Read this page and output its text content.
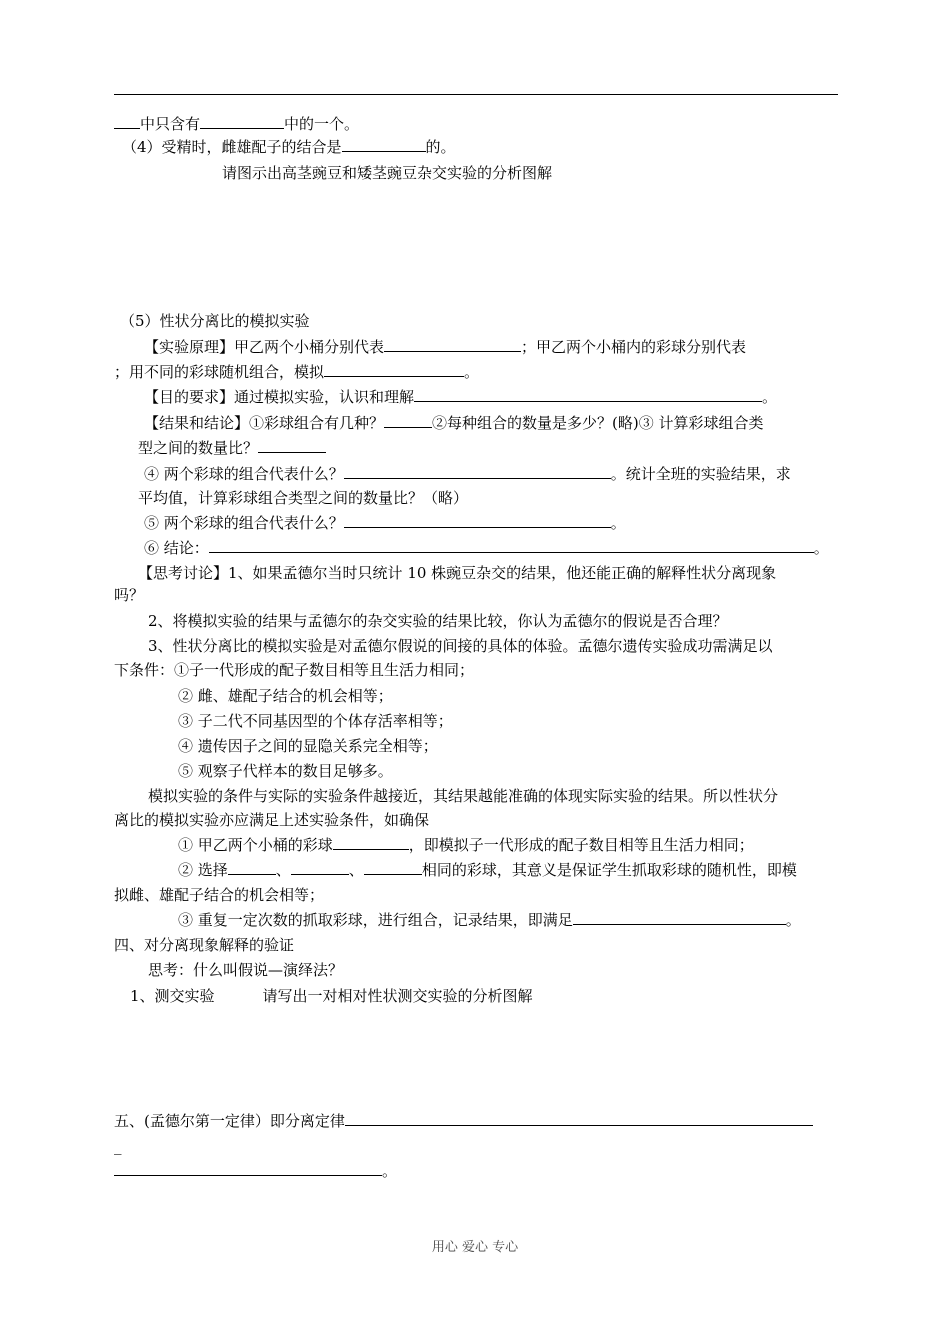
中只含有	中的一个。
（4）受精时，雌雄配子的结合是	的。
请图示出高茎豌豆和矮茎豌豆杂交实验的分析图解
（5）性状分离比的模拟实验
【实验原理】甲乙两个小桶分别代表	；甲乙两个小桶内的彩球分别代表
；用不同的彩球随机组合，模拟	。
【目的要求】通过模拟实验，认识和理解	。
【结果和结论】①彩球组合有几种？	②每种组合的数量是多少？(略)③ 计算彩球组合类
型之间的数量比？
④ 两个彩球的组合代表什么？	。统计全班的实验结果，求
平均值，计算彩球组合类型之间的数量比？（略）
⑤ 两个彩球的组合代表什么？	。
⑥ 结论：	。
【思考讨论】1、如果孟德尔当时只统计 10 株豌豆杂交的结果，他还能正确的解释性状分离现象
吗？
2、将模拟实验的结果与孟德尔的杂交实验的结果比较，你认为孟德尔的假说是否合理？
3、性状分离比的模拟实验是对孟德尔假说的间接的具体的体验。孟德尔遗传实验成功需满足以
下条件：①子一代形成的配子数目相等且生活力相同；
② 雌、雄配子结合的机会相等；
③ 子二代不同基因型的个体存活率相等；
④ 遗传因子之间的显隐关系完全相等；
⑤ 观察子代样本的数目足够多。
模拟实验的条件与实际的实验条件越接近，其结果越能准确的体现实际实验的结果。所以性状分
离比的模拟实验亦应满足上述实验条件，如确保
① 甲乙两个小桶的彩球	，即模拟子一代形成的配子数目相等且生活力相同；
② 选择	、	、	相同的彩球，其意义是保证学生抓取彩球的随机性，即模
拟雌、雄配子结合的机会相等；
③ 重复一定次数的抓取彩球，进行组合，记录结果，即满足	。
四、对分离现象解释的验证
思考：什么叫假说—演绎法？
1、测交实验	请写出一对相对性状测交实验的分析图解
五、(孟德尔第一定律）即分离定律
_
。
用心 爱心 专心
